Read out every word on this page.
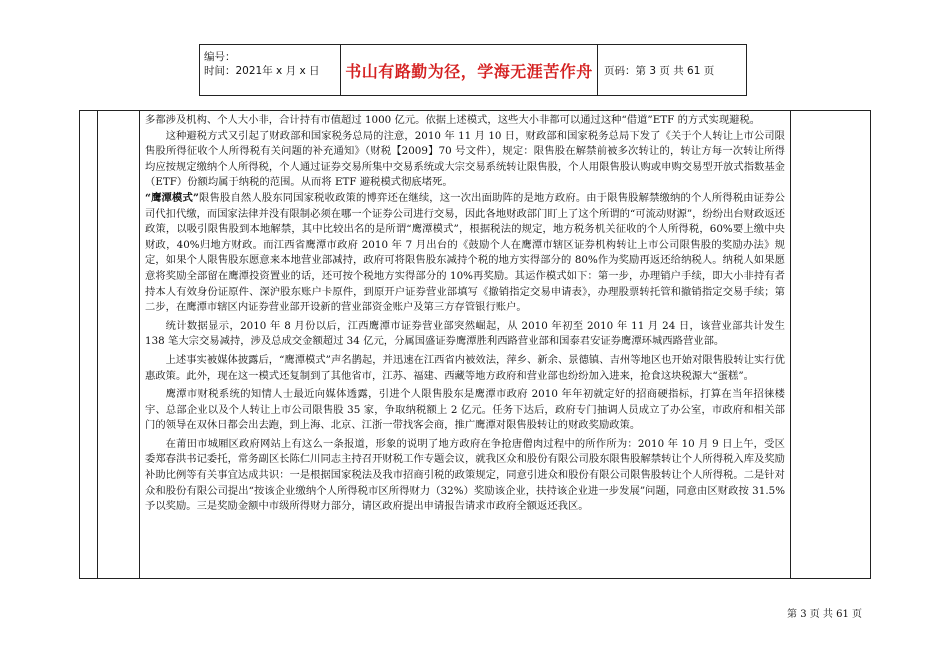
编号：
时间：2021年 x 月 x 日	书山有路勤为径，学海无涯苦作舟	页码：第 3 页 共 61 页

多都涉及机构、个人大小非，合计持有市值超过 1000 亿元。依据上述模式，这些大小非都可以通过这种“借道”ETF 的方式实现避税。

这种避税方式又引起了财政部和国家税务总局的注意，2010 年 11 月 10 日，财政部和国家税务总局下发了《关于个人转让上市公司限售股所得征收个人所得税有关问题的补充通知》（财税【2009】70 号文件），规定：限售股在解禁前被多次转让的，转让方每一次转让所得均应按规定缴纳个人所得税，个人通过证券交易所集中交易系统或大宗交易系统转让限售股，个人用限售股认购或申购交易型开放式指数基金（ETF）份额均属于纳税的范围。从而将 ETF 避税模式彻底堵死。

“鹰潭模式”限售股自然人股东同国家税收政策的博弈还在继续，这一次出面助阵的是地方政府。由于限售股解禁缴纳的个人所得税由证券公司代扣代缴，而国家法律并没有限制必须在哪一个证券公司进行交易，因此各地财政部门盯上了这个所谓的“可流动财源”，纷纷出台财政返还政策，以吸引限售股到本地解禁，其中比较出名的是所谓“鹰潭模式”，根据税法的规定，地方税务机关征收的个人所得税，60%要上缴中央财政，40%归地方财政。而江西省鹰潭市政府 2010 年 7 月出台的《鼓励个人在鹰潭市辖区证券机构转让上市公司限售股的奖励办法》规定，如果个人限售股东愿意来本地营业部减持，政府可将限售股东减持个税的地方实得部分的 80%作为奖励再返还给纳税人。纳税人如果愿意将奖励全部留在鹰潭投资置业的话，还可按个税地方实得部分的 10%再奖励。其运作模式如下：第一步，办理销户手续，即大小非持有者持本人有效身份证原件、深沪股东账户卡原件，到原开户证券营业部填写《撤销指定交易申请表》，办理股票转托管和撤销指定交易手续；第二步，在鹰潭市辖区内证券营业部开设新的营业部资金账户及第三方存管银行账户。

统计数据显示，2010 年 8 月份以后，江西鹰潭市证券营业部突然崛起，从 2010 年初至 2010 年 11 月 24 日，该营业部共计发生 138 笔大宗交易减持，涉及总成交金额超过 34 亿元，分属国盛证券鹰潭胜利西路营业部和国泰君安证券鹰潭环城西路营业部。

上述事实被媒体披露后，“鹰潭模式”声名鹊起，并迅速在江西省内被效法，萍乡、新余、景德镇、吉州等地区也开始对限售股转让实行优惠政策。此外，现在这一模式还复制到了其他省市，江苏、福建、西藏等地方政府和营业部也纷纷加入进来，抢食这块税源大“蛋糕”。

鹰潭市财税系统的知情人士最近向媒体透露，引进个人限售股东是鹰潭市政府 2010 年年初就定好的招商硬指标，打算在当年招徕楼宇、总部企业以及个人转让上市公司限售股 35 家，争取纳税额上 2 亿元。任务下达后，政府专门抽调人员成立了办公室，市政府和相关部门的领导在双休日都会出去跑，到上海、北京、江浙一带找客会商，推广鹰潭对限售股转让的财政奖励政策。

在莆田市城厢区政府网站上有这么一条报道，形象的说明了地方政府在争抢唐僧肉过程中的所作所为：2010 年 10 月 9 日上午，受区委郑春洪书记委托，常务副区长陈仁川同志主持召开财税工作专题会议，就我区众和股份有限公司股东限售股解禁转让个人所得税入库及奖励补助比例等有关事宜达成共识：一是根据国家税法及我市招商引税的政策规定，同意引进众和股份有限公司限售股转让个人所得税。二是针对众和股份有限公司提出“按该企业缴纳个人所得税市区所得财力（32%）奖励该企业，扶持该企业进一步发展”问题，同意由区财政按 31.5%予以奖励。三是奖励金额中市级所得财力部分，请区政府提出申请报告请求市政府全额返还我区。

第 3 页 共 61 页
